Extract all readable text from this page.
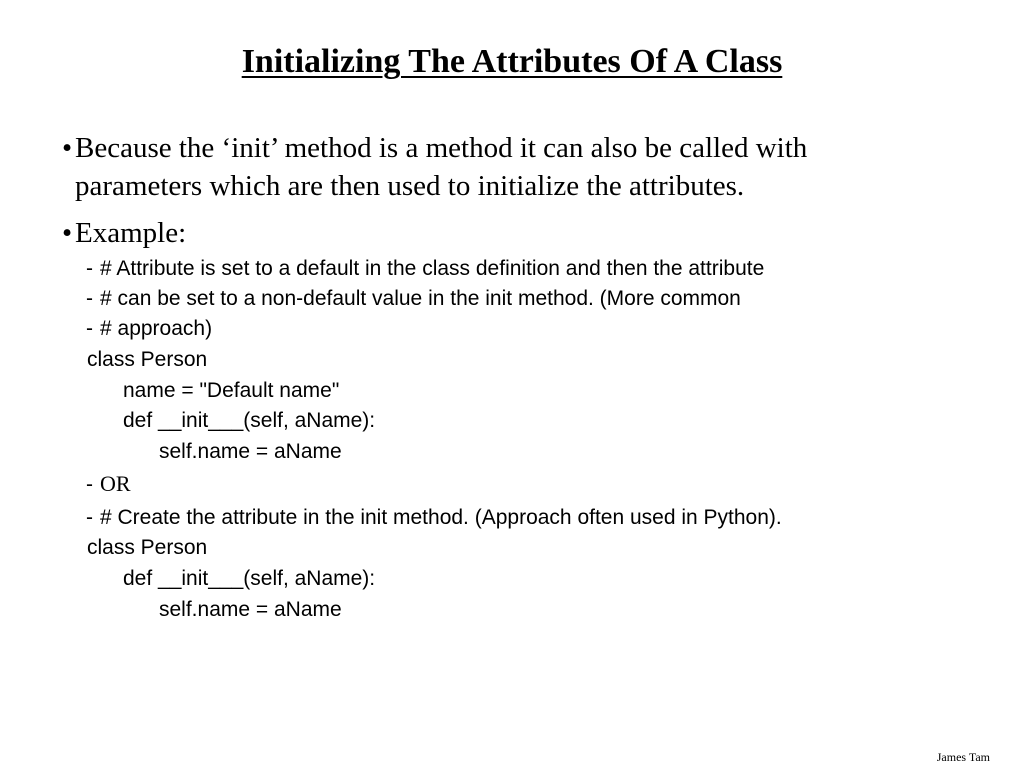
Initializing The Attributes Of A Class
•Because the ‘init’ method is a method it can also be called with
parameters which are then used to initialize the attributes.
•Example:
- # Attribute is set to a default in the class definition and then the attribute
- # can be set to a non-default value in the init method. (More common
- # approach)
class Person
name = "Default name"
def __init___(self, aName):
self.name = aName
- OR
- # Create the attribute in the init method. (Approach often used in Python).
class Person
def __init___(self, aName):
self.name = aName
James Tam
